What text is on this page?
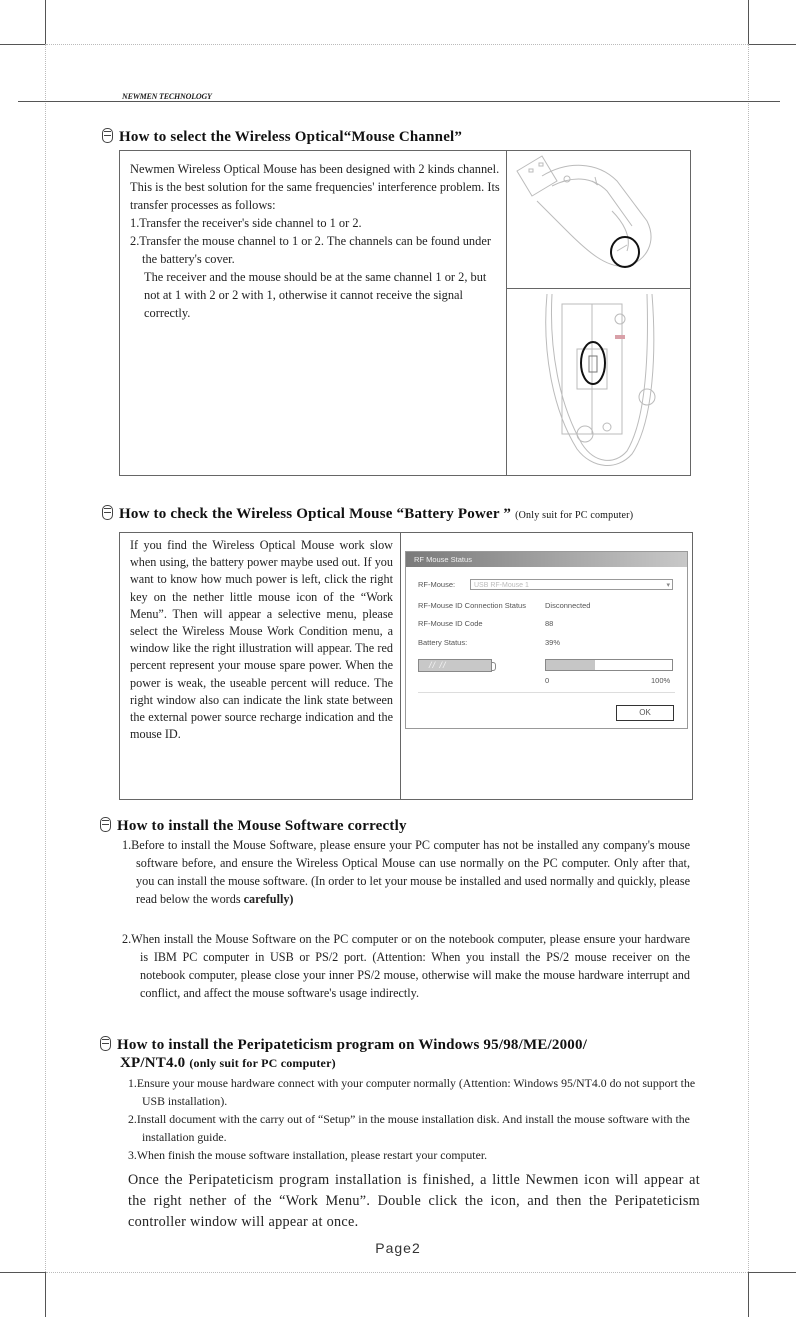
NEWMEN TECHNOLOGY
How to select the Wireless Optical“Mouse Channel”

Newmen Wireless Optical Mouse has been designed with 2 kinds channel. This is the best solution for the same frequencies' interference problem. Its transfer processes as follows:

1.Transfer the receiver's side channel to 1 or 2.

2.Transfer the mouse channel to 1 or 2. The channels can be found under the battery's cover.

The receiver and the mouse should be at the same channel 1 or 2, but not at 1 with 2 or 2 with 1, otherwise it cannot receive the signal correctly.

How to check the Wireless Optical Mouse “Battery Power ” (Only suit for PC computer)

If you find the Wireless Optical Mouse work slow when using, the battery power maybe used out. If you want to know how much power is left, click the right key on the nether little mouse icon of the “Work Menu”. Then will appear a selective menu, please select the Wireless Mouse Work Condition menu, a window like the right illustration will appear. The red percent represent your mouse spare power. When the power is weak, the useable percent will reduce. The right window also can indicate the link state between the external power source recharge indication and the mouse ID.

RF Mouse Status
RF-Mouse:	USB RF-Mouse 1	▾
RF-Mouse ID Connection Status	Disconnected
RF-Mouse ID Code	88
Battery Status:	39%
// //
0	100%
OK
How to install the Mouse Software correctly
1.Before to install the Mouse Software, please ensure your PC computer has not be installed any company's mouse software before, and ensure the Wireless Optical Mouse can use normally on the PC computer. Only after that, you can install the mouse software. (In order to let your mouse be installed and used normally and quickly, please read below the words carefully)
2.When install the Mouse Software on the PC computer or on the notebook computer, please ensure your hardware is IBM PC computer in USB or PS/2 port. (Attention: When you install the PS/2 mouse receiver on the notebook computer, please close your inner PS/2 mouse, otherwise will make the mouse hardware interrupt and conflict, and affect the mouse software's usage indirectly.
How to install the Peripateticism program on Windows 95/98/ME/2000/
XP/NT4.0 (only suit for PC computer)

1.Ensure your mouse hardware connect with your computer normally (Attention: Windows 95/NT4.0 do not support the USB installation).

2.Install document with the carry out of “Setup” in the mouse installation disk. And install the mouse software with the installation guide.

3.When finish the mouse software installation, please restart your computer.

Once the Peripateticism program installation is finished, a little Newmen icon will appear at the right nether of the “Work Menu”. Double click the icon, and then the Peripateticism controller window will appear at once.

Page2
